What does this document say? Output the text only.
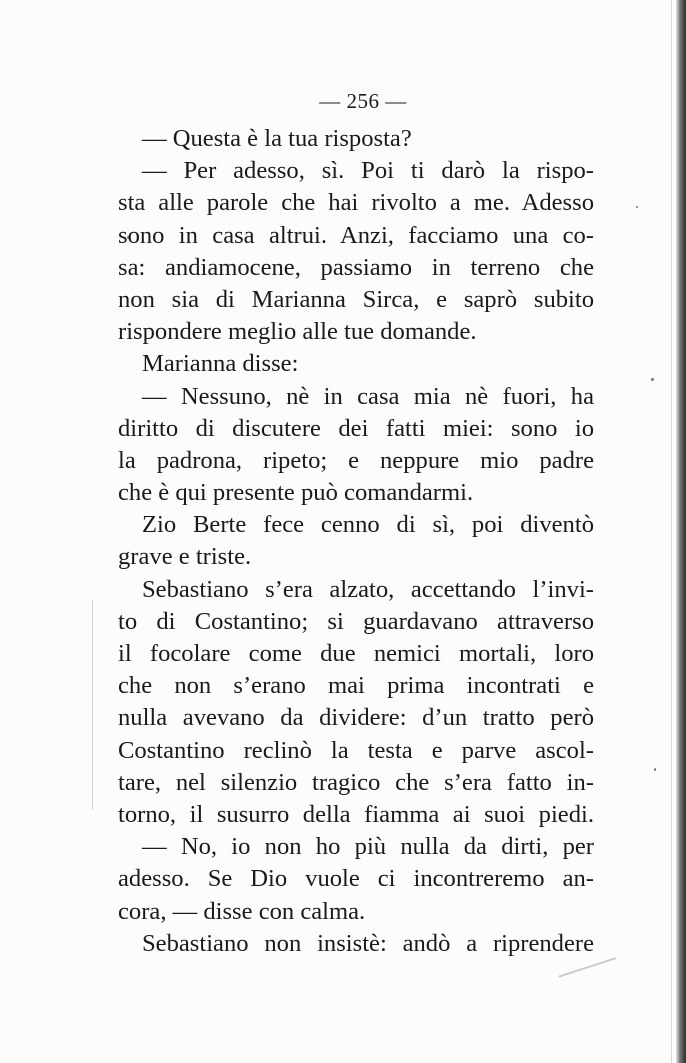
— 256 —
— Questa è la tua risposta?
— Per adesso, sì. Poi ti darò la rispo-
sta alle parole che hai rivolto a me. Adesso
sono in casa altrui. Anzi, facciamo una co-
sa: andiamocene, passiamo in terreno che
non sia di Marianna Sirca, e saprò subito
rispondere meglio alle tue domande.
Marianna disse:
— Nessuno, nè in casa mia nè fuori, ha
diritto di discutere dei fatti miei: sono io
la padrona, ripeto; e neppure mio padre
che è qui presente può comandarmi.
Zio Berte fece cenno di sì, poi diventò
grave e triste.
Sebastiano s’era alzato, accettando l’invi-
to di Costantino; si guardavano attraverso
il focolare come due nemici mortali, loro
che non s’erano mai prima incontrati e
nulla avevano da dividere: d’un tratto però
Costantino reclinò la testa e parve ascol-
tare, nel silenzio tragico che s’era fatto in-
torno, il susurro della fiamma ai suoi piedi.
— No, io non ho più nulla da dirti, per
adesso. Se Dio vuole ci incontreremo an-
cora, — disse con calma.
Sebastiano non insistè: andò a riprendere
